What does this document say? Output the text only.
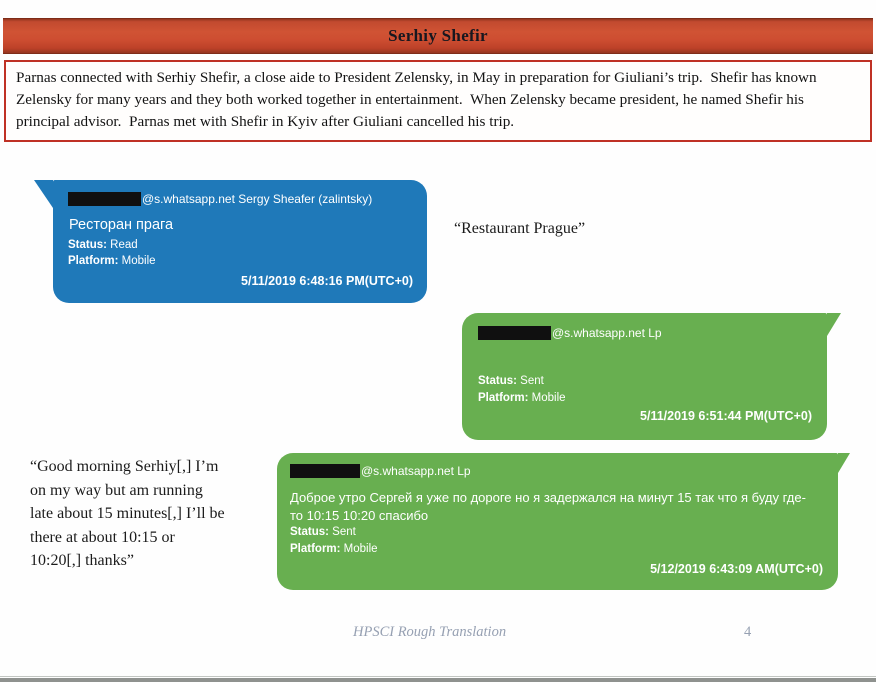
Serhiy Shefir
Parnas connected with Serhiy Shefir, a close aide to President Zelensky, in May in preparation for Giuliani’s trip.  Shefir has known Zelensky for many years and they both worked together in entertainment.  When Zelensky became president, he named Shefir his principal advisor.  Parnas met with Shefir in Kyiv after Giuliani cancelled his trip.
@s.whatsapp.net Sergy Sheafer (zalintsky)
Ресторан прага
Status: Read
Platform: Mobile
5/11/2019 6:48:16 PM(UTC+0)
“Restaurant Prague”
@s.whatsapp.net Lp
Status: Sent
Platform: Mobile
5/11/2019 6:51:44 PM(UTC+0)
“Good morning Serhiy[,] I’m
on my way but am running
late about 15 minutes[,] I’ll be
there at about 10:15 or
10:20[,] thanks”
@s.whatsapp.net Lp
Доброе утро Сергей я уже по дороге но я задержался на минут 15 так что я буду где-
то 10:15 10:20 спасибо
Status: Sent
Platform: Mobile
5/12/2019 6:43:09 AM(UTC+0)
HPSCI Rough Translation	4
